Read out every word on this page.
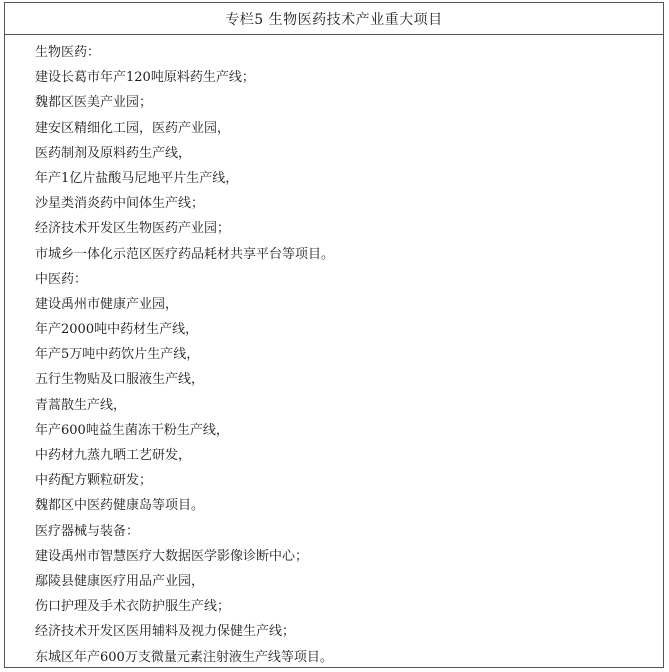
专栏5 生物医药技术产业重大项目
生物医药：
建设长葛市年产120吨原料药生产线；
魏都区医美产业园；
建安区精细化工园，医药产业园，
医药制剂及原料药生产线，
年产1亿片盐酸马尼地平片生产线，
沙星类消炎药中间体生产线；
经济技术开发区生物医药产业园；
市城乡一体化示范区医疗药品耗材共享平台等项目。
中医药：
建设禹州市健康产业园，
年产2000吨中药材生产线，
年产5万吨中药饮片生产线，
五行生物贴及口服液生产线，
青蒿散生产线，
年产600吨益生菌冻干粉生产线，
中药材九蒸九晒工艺研发，
中药配方颗粒研发；
魏都区中医药健康岛等项目。
医疗器械与装备：
建设禹州市智慧医疗大数据医学影像诊断中心；
鄢陵县健康医疗用品产业园，
伤口护理及手术衣防护服生产线；
经济技术开发区医用辅料及视力保健生产线；
东城区年产600万支微量元素注射液生产线等项目。
